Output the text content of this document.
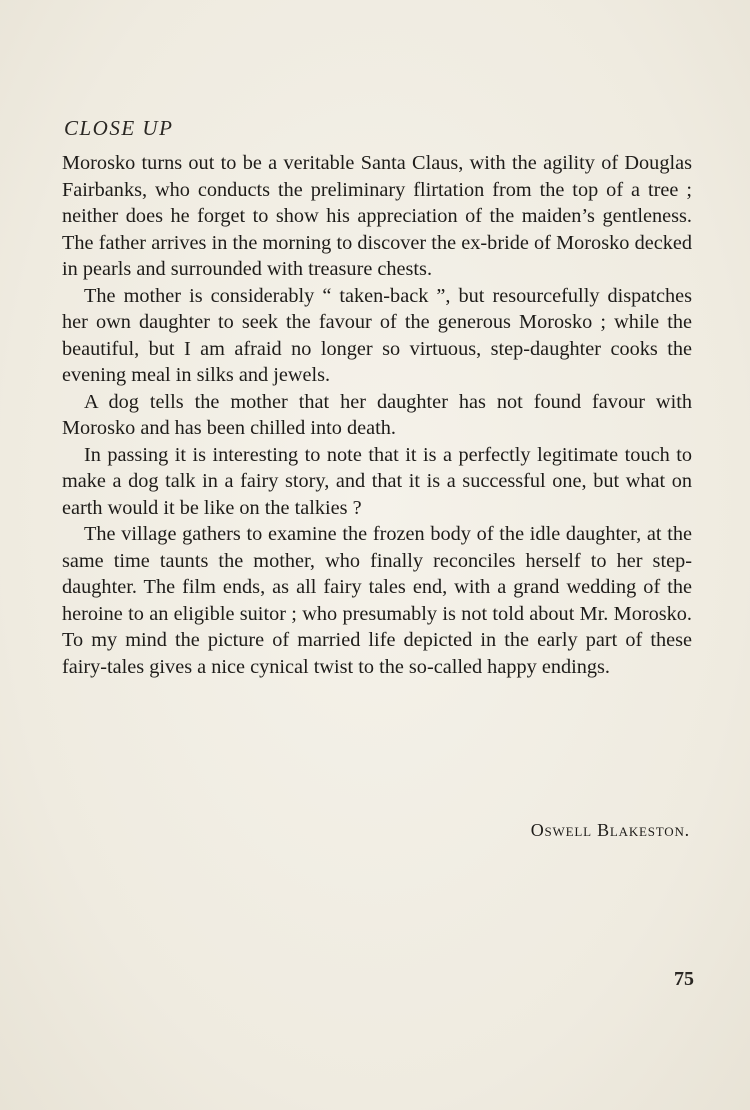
CLOSE UP

Morosko turns out to be a veritable Santa Claus, with the agility of Douglas Fairbanks, who conducts the preliminary flirtation from the top of a tree ; neither does he forget to show his appreciation of the maiden’s gentleness. The father arrives in the morning to discover the ex-bride of Morosko decked in pearls and surrounded with treasure chests.

The mother is considerably “ taken-back ”, but resourcefully dispatches her own daughter to seek the favour of the generous Morosko ; while the beautiful, but I am afraid no longer so virtuous, step-daughter cooks the evening meal in silks and jewels.

A dog tells the mother that her daughter has not found favour with Morosko and has been chilled into death.

In passing it is interesting to note that it is a perfectly legitimate touch to make a dog talk in a fairy story, and that it is a successful one, but what on earth would it be like on the talkies ?

The village gathers to examine the frozen body of the idle daughter, at the same time taunts the mother, who finally reconciles herself to her step-daughter. The film ends, as all fairy tales end, with a grand wedding of the heroine to an eligible suitor ; who presumably is not told about Mr. Morosko. To my mind the picture of married life depicted in the early part of these fairy-tales gives a nice cynical twist to the so-called happy endings.

Oswell Blakeston.
75
